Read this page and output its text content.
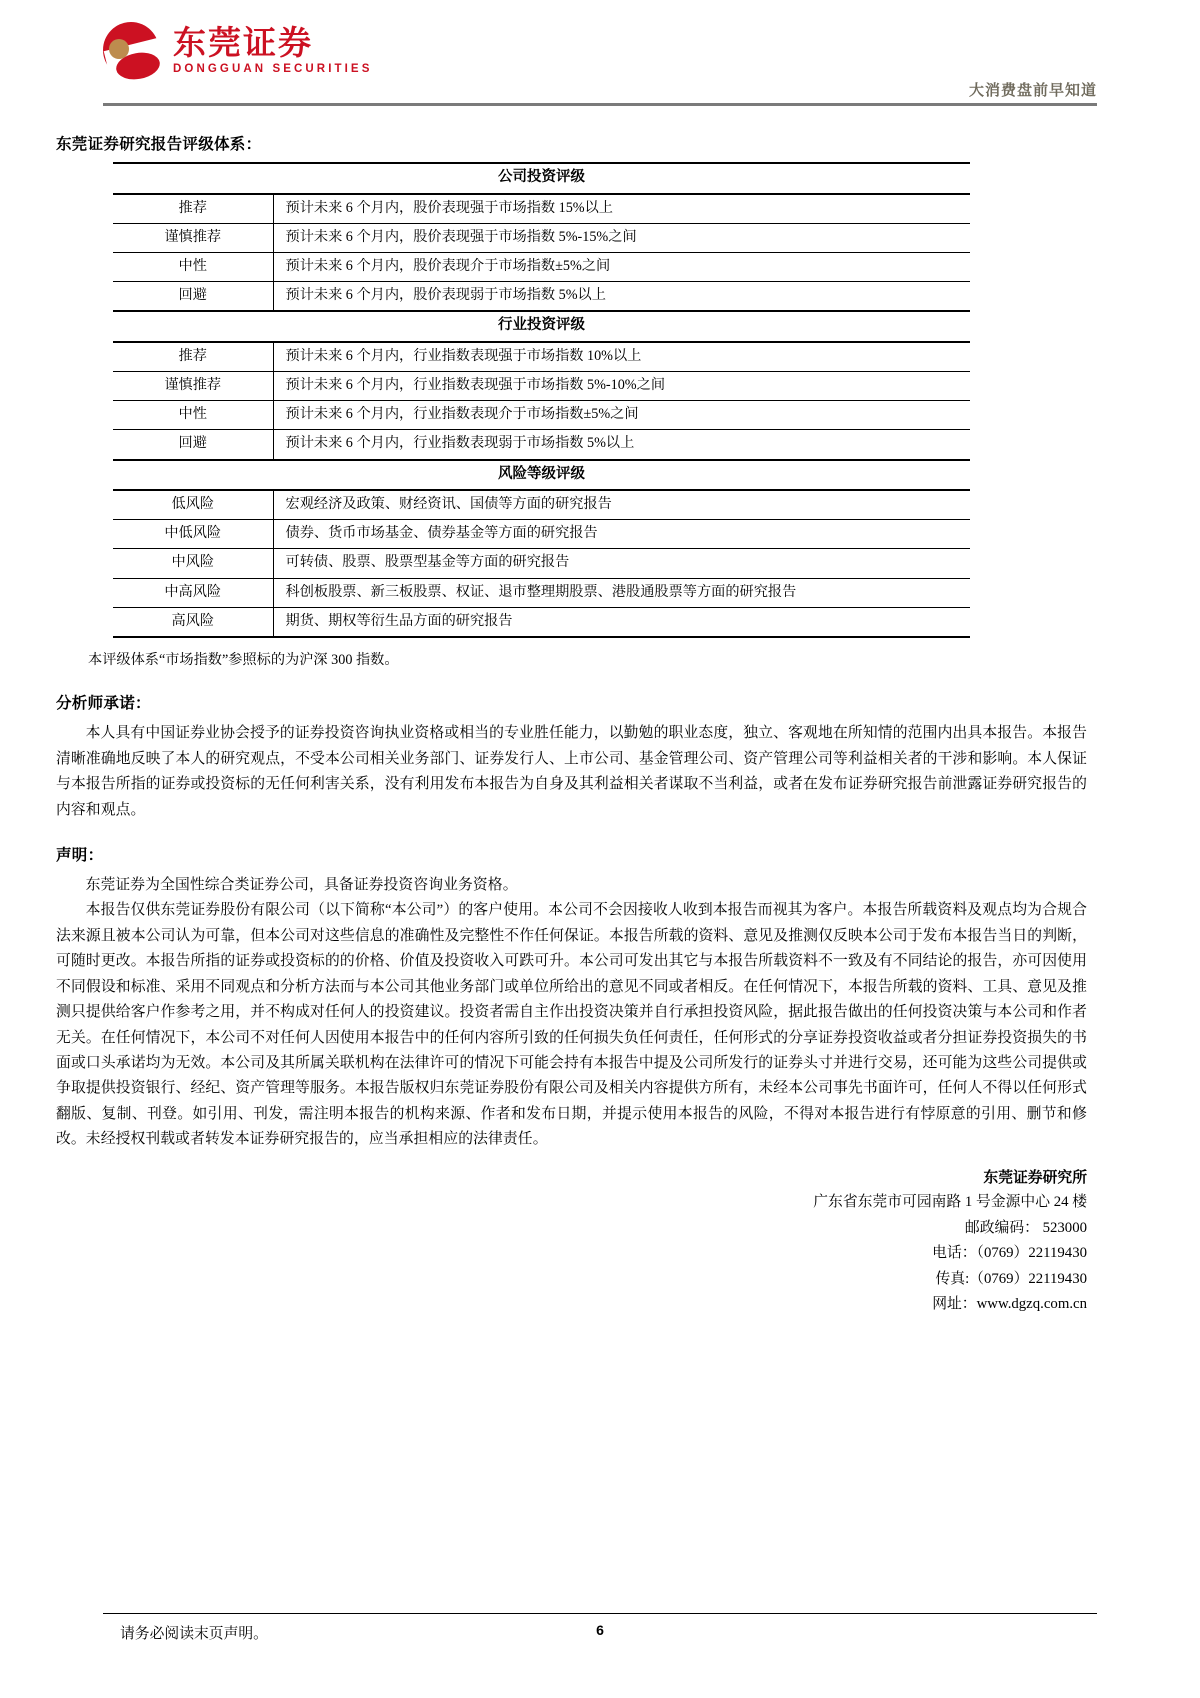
东莞证券
DONGGUAN SECURITIES
大消费盘前早知道
东莞证券研究报告评级体系：
公司投资评级	
推荐	预计未来 6 个月内，股价表现强于市场指数 15%以上
谨慎推荐	预计未来 6 个月内，股价表现强于市场指数 5%-15%之间
中性	预计未来 6 个月内，股价表现介于市场指数±5%之间
回避	预计未来 6 个月内，股价表现弱于市场指数 5%以上
行业投资评级	
推荐	预计未来 6 个月内，行业指数表现强于市场指数 10%以上
谨慎推荐	预计未来 6 个月内，行业指数表现强于市场指数 5%-10%之间
中性	预计未来 6 个月内，行业指数表现介于市场指数±5%之间
回避	预计未来 6 个月内，行业指数表现弱于市场指数 5%以上
风险等级评级	
低风险	宏观经济及政策、财经资讯、国债等方面的研究报告
中低风险	债券、货币市场基金、债券基金等方面的研究报告
中风险	可转债、股票、股票型基金等方面的研究报告
中高风险	科创板股票、新三板股票、权证、退市整理期股票、港股通股票等方面的研究报告
高风险	期货、期权等衍生品方面的研究报告
本评级体系“市场指数”参照标的为沪深 300 指数。
分析师承诺：

本人具有中国证券业协会授予的证券投资咨询执业资格或相当的专业胜任能力，以勤勉的职业态度，独立、客观地在所知情的范围内出具本报告。本报告清晰准确地反映了本人的研究观点，不受本公司相关业务部门、证券发行人、上市公司、基金管理公司、资产管理公司等利益相关者的干涉和影响。本人保证与本报告所指的证券或投资标的无任何利害关系，没有利用发布本报告为自身及其利益相关者谋取不当利益，或者在发布证券研究报告前泄露证券研究报告的内容和观点。

声明：

东莞证券为全国性综合类证券公司，具备证券投资咨询业务资格。

本报告仅供东莞证券股份有限公司（以下简称“本公司”）的客户使用。本公司不会因接收人收到本报告而视其为客户。本报告所载资料及观点均为合规合法来源且被本公司认为可靠，但本公司对这些信息的准确性及完整性不作任何保证。本报告所载的资料、意见及推测仅反映本公司于发布本报告当日的判断，可随时更改。本报告所指的证券或投资标的的价格、价值及投资收入可跌可升。本公司可发出其它与本报告所载资料不一致及有不同结论的报告，亦可因使用不同假设和标准、采用不同观点和分析方法而与本公司其他业务部门或单位所给出的意见不同或者相反。在任何情况下，本报告所载的资料、工具、意见及推测只提供给客户作参考之用，并不构成对任何人的投资建议。投资者需自主作出投资决策并自行承担投资风险，据此报告做出的任何投资决策与本公司和作者无关。在任何情况下，本公司不对任何人因使用本报告中的任何内容所引致的任何损失负任何责任，任何形式的分享证券投资收益或者分担证券投资损失的书面或口头承诺均为无效。本公司及其所属关联机构在法律许可的情况下可能会持有本报告中提及公司所发行的证券头寸并进行交易，还可能为这些公司提供或争取提供投资银行、经纪、资产管理等服务。本报告版权归东莞证券股份有限公司及相关内容提供方所有，未经本公司事先书面许可，任何人不得以任何形式翻版、复制、刊登。如引用、刊发，需注明本报告的机构来源、作者和发布日期，并提示使用本报告的风险，不得对本报告进行有悖原意的引用、删节和修改。未经授权刊载或者转发本证券研究报告的，应当承担相应的法律责任。

东莞证券研究所
广东省东莞市可园南路 1 号金源中心 24 楼
邮政编码： 523000
电话：（0769）22119430
传真:（0769）22119430
网址：www.dgzq.com.cn
请务必阅读末页声明。	6
